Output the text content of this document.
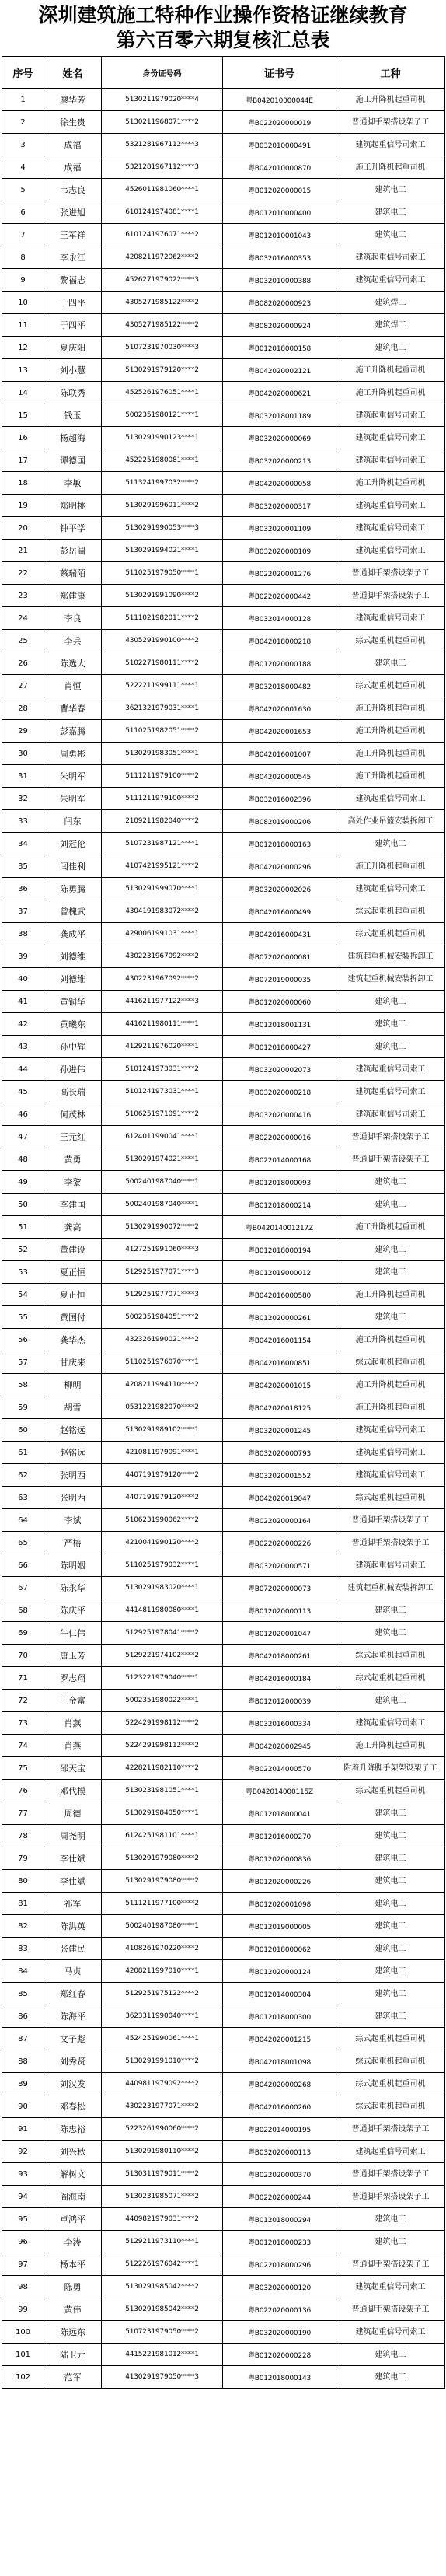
深圳建筑施工特种作业操作资格证继续教育
第六百零六期复核汇总表
序号	姓名	身份证号码	证书号	工种
1	廖华芳	5130211979020****4	粤B042010000044E	施工升降机起重司机
2	徐生贵	5130211968071****2	粤B022020000019	普通脚手架搭设架子工
3	成福	5321281967112****3	粤B032010000491	建筑起重信号司索工
4	成福	5321281967112****3	粤B042010000870	施工升降机起重司机
5	韦志良	4526011981060****1	粤B012020000015	建筑电工
6	张进旭	6101241974081****1	粤B012010000400	建筑电工
7	王军祥	6101241976071****2	粤B012010001043	建筑电工
8	李永江	4208211972062****2	粤B032016000353	建筑起重信号司索工
9	黎福志	4526271979022****3	粤B032010000388	建筑起重信号司索工
10	于四平	4305271985122****2	粤B082020000923	建筑焊工
11	于四平	4305271985122****2	粤B082020000924	建筑焊工
12	夏庆阳	5107231970030****3	粤B012018000158	建筑电工
13	刘小慧	5130291979120****2	粤B042020002121	施工升降机起重司机
14	陈联秀	4525261976051****1	粤B042020000621	施工升降机起重司机
15	钱玉	5002351980121****1	粤B032018001189	建筑起重信号司索工
16	杨超海	5130291990123****1	粤B032020000069	建筑起重信号司索工
17	谭德国	4522251980081****1	粤B032020000213	建筑起重信号司索工
18	李敏	5113241997032****2	粤B042020000058	施工升降机起重司机
19	郑明桃	5130291996011****2	粤B032020000317	建筑起重信号司索工
20	钟平学	5130291990053****3	粤B032020001109	建筑起重信号司索工
21	彭岳阔	5130291994021****1	粤B032020000109	建筑起重信号司索工
22	蔡瑞陌	5110251979050****1	粤B022020001276	普通脚手架搭设架子工
23	郑建康	5130291991090****2	粤B022020000442	普通脚手架搭设架子工
24	李良	5111021982011****2	粤B032014000128	建筑起重信号司索工
25	李兵	4305291990100****2	粤B042018000218	综式起重机起重司机
26	陈选大	5102271980111****2	粤B012020000188	建筑电工
27	肖恒	5222211999111****1	粤B032018000482	综式起重机起重司机
28	曹华春	3621321979031****1	粤B042020001630	施工升降机起重司机
29	彭嘉腾	5110251982051****2	粤B042020001653	施工升降机起重司机
30	周勇彬	5130291983051****1	粤B042016001007	施工升降机起重司机
31	朱明军	5111211979100****2	粤B042020000545	施工升降机起重司机
32	朱明军	5111211979100****2	粤B032016002396	建筑起重信号司索工
33	闫东	2109211982040****2	粤B082019000206	高处作业吊篮安装拆卸工
34	刘冠伦	5107231987121****1	粤B012018000163	建筑电工
35	闫佳利	4107421995121****2	粤B042020000296	施工升降机起重司机
36	陈勇腾	5130291999070****1	粤B032020002026	建筑起重信号司索工
37	曾槐武	4304191983072****2	粤B042016000499	综式起重机起重司机
38	龚成平	4290061991031****1	粤B042016000431	综式起重机起重司机
39	刘德维	4302231967092****2	粤B072020000081	建筑起重机械安装拆卸工
40	刘德维	4302231967092****2	粤B072019000035	建筑起重机械安装拆卸工
41	黄铜华	4416211977122****3	粤B012020000060	建筑电工
42	黄曦东	4416211980111****1	粤B012018001131	建筑电工
43	孙中辉	4129211976020****1	粤B012018000427	建筑电工
44	孙进伟	5101241973031****2	粤B032020002073	建筑起重信号司索工
45	高长瑞	5101241973031****1	粤B032020000218	建筑起重信号司索工
46	何茂林	5106251971091****2	粤B032020000416	建筑起重信号司索工
47	王元红	6124011990041****1	粤B022020000016	普通脚手架搭设架子工
48	黄勇	5130291974021****1	粤B022014000168	普通脚手架搭设架子工
49	李黎	5002401987040****1	粤B012018000093	建筑电工
50	李建国	5002401987040****1	粤B012018000214	建筑电工
51	龚高	5130291990072****2	粤B042014001217Z	施工升降机起重司机
52	董建设	4127251991060****3	粤B012018000194	建筑电工
53	夏正恒	5129251977071****3	粤B012019000012	建筑电工
54	夏正恒	5129251977071****3	粤B042016000580	施工升降机起重司机
55	黄国付	5002351984051****2	粤B012020000261	建筑电工
56	龚华杰	4323261990021****2	粤B042016001154	施工升降机起重司机
57	甘庆来	5110251976070****1	粤B042016000851	综式起重机起重司机
58	柳明	4208211994110****2	粤B042020001015	施工升降机起重司机
59	胡雪	0531221982070****2	粤B042020018125	施工升降机起重司机
60	赵铭远	5130291989102****1	粤B032020001245	建筑起重信号司索工
61	赵铭远	4210811979091****1	粤B032020000793	建筑起重信号司索工
62	张明西	4407191979120****2	粤B032020001552	建筑起重信号司索工
63	张明西	4407191979120****2	粤B042020019047	综式起重机起重司机
64	李斌	5106231990062****2	粤B022020000164	普通脚手架搭设架子工
65	严榕	4210041990120****2	粤B022020000226	普通脚手架搭设架子工
66	陈明姻	5110251979032****1	粤B032020000571	建筑起重信号司索工
67	陈永华	5130291983020****1	粤B072020000073	建筑起重机械安装拆卸工
68	陈庆平	4414811980080****1	粤B012020000113	建筑电工
69	牛仁伟	5129251978041****2	粤B012020001047	建筑电工
70	唐玉芳	5129221974102****2	粤B042018000261	综式起重机起重司机
71	罗志翔	5123221979040****1	粤B042016000184	综式起重机起重司机
72	王金富	5002351980022****1	粤B012012000039	建筑电工
73	肖燕	5224291998112****2	粤B032016000334	建筑起重信号司索工
74	肖燕	5224291998112****2	粤B042020002945	施工升降机起重司机
75	邵天宝	4228211982110****2	粤B022014000570	附着升降脚手架架设架子工
76	邓代模	5130231981051****1	粤B042014000115Z	综式起重机起重司机
77	周德	5130291984050****1	粤B012018000041	建筑电工
78	周尧明	6124251981101****1	粤B012016000270	建筑电工
79	李仕斌	5130291979080****2	粤B012020000836	建筑电工
80	李仕斌	5130291979080****2	粤B012020000226	建筑电工
81	祁军	5111211977100****2	粤B012020001098	建筑电工
82	陈洪英	5002401987080****1	粤B012019000005	建筑电工
83	张建民	4108261970220****2	粤B012018000062	建筑电工
84	马贞	4208211997010****1	粤B012020000124	建筑电工
85	郑红春	5129251975122****2	粤B012014000304	建筑电工
86	陈海平	3623311990040****1	粤B012018000300	建筑电工
87	文子彪	4524251990061****1	粤B042020001215	综式起重机起重司机
88	刘秀贤	5130291991010****2	粤B042018001098	综式起重机起重司机
89	刘汉发	4409811979092****2	粤B042020000268	综式起重机起重司机
90	邓春松	4302231977071****2	粤B042016000260	综式起重机起重司机
91	陈忠裕	5223261990060****2	粤B022014000195	普通脚手架搭设架子工
92	刘兴秋	5130291980110****2	粤B032020000113	建筑起重信号司索工
93	解树文	5130311979011****2	粤B022020000370	普通脚手架搭设架子工
94	阎海南	5130231985071****2	粤B022020000244	普通脚手架搭设架子工
95	卓鸿平	4409821979031****2	粤B012018000294	建筑电工
96	李涛	5129211973110****1	粤B012018000233	建筑电工
97	杨本平	5122261976042****1	粤B022018000296	普通脚手架搭设架子工
98	陈勇	5130291985042****2	粤B032020000120	建筑起重信号司索工
99	黄伟	5130291985042****2	粤B022020000136	普通脚手架搭设架子工
100	陈远东	5107231979050****2	粤B032020000190	建筑起重信号司索工
101	陆卫元	4415221981012****1	粤B012020000228	建筑电工
102	范军	4130291979050****3	粤B012018000143	建筑电工
